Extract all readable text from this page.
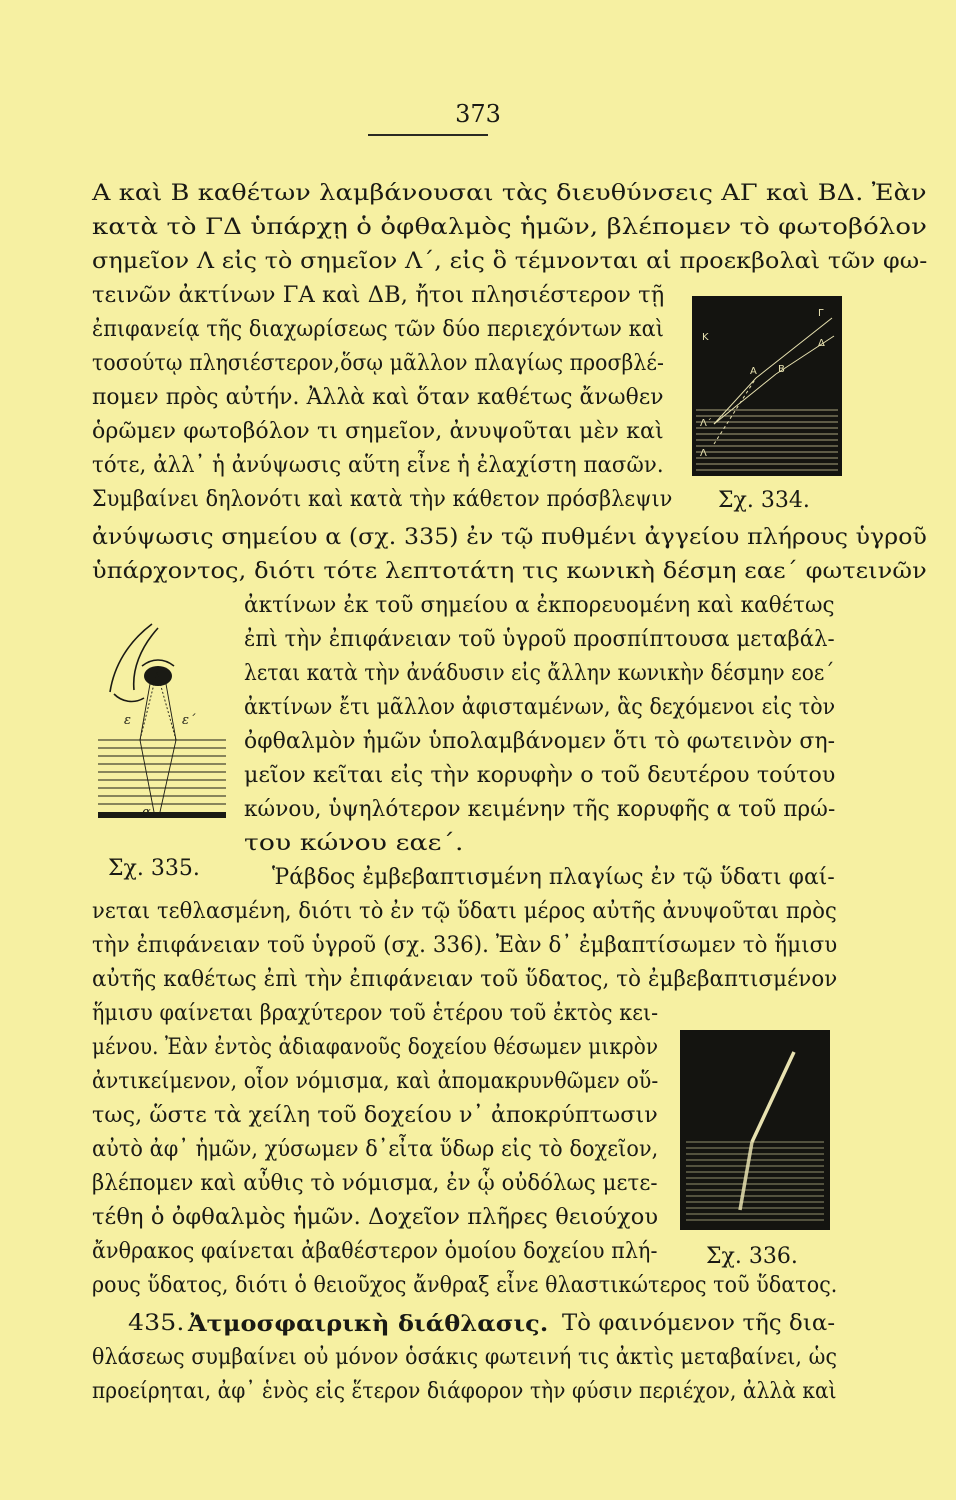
373
Α καὶ Β καθέτων λαμβάνουσαι τὰς διευθύνσεις ΑΓ καὶ ΒΔ. Ἐὰν
κατὰ τὸ ΓΔ ὑπάρχῃ ὁ ὀφθαλμὸς ἡμῶν, βλέπομεν τὸ φωτοβόλον
σημεῖον Λ εἰς τὸ σημεῖον Λ΄, εἰς ὃ τέμνονται αἱ προεκβολαὶ τῶν φω-
τεινῶν ἀκτίνων ΓΑ καὶ ΔΒ, ἤτοι πλησιέστερον τῇ
ἐπιφανείᾳ τῆς διαχωρίσεως τῶν δύο περιεχόντων καὶ
τοσούτῳ πλησιέστερον,ὅσῳ μᾶλλον πλαγίως προσβλέ-
πομεν πρὸς αὐτήν. Ἀλλὰ καὶ ὅταν καθέτως ἄνωθεν
ὁρῶμεν φωτοβόλον τι σημεῖον, ἀνυψοῦται μὲν καὶ
τότε, ἀλλ᾽ ἡ ἀνύψωσις αὕτη εἶνε ἡ ἐλαχίστη πασῶν.
Συμβαίνει δηλονότι καὶ κατὰ τὴν κάθετον πρόσβλεψιν
ἀνύψωσις σημείου α (σχ. 335) ἐν τῷ πυθμένι ἀγγείου πλήρους ὑγροῦ
ὑπάρχοντος, διότι τότε λεπτοτάτη τις κωνικὴ δέσμη εαε΄ φωτεινῶν
ἀκτίνων ἐκ τοῦ σημείου α ἐκπορευομένη καὶ καθέτως
ἐπὶ τὴν ἐπιφάνειαν τοῦ ὑγροῦ προσπίπτουσα μεταβάλ-
λεται κατὰ τὴν ἀνάδυσιν εἰς ἄλλην κωνικὴν δέσμην εοε΄
ἀκτίνων ἔτι μᾶλλον ἀφισταμένων, ἃς δεχόμενοι εἰς τὸν
ὀφθαλμὸν ἡμῶν ὑπολαμβάνομεν ὅτι τὸ φωτεινὸν ση-
μεῖον κεῖται εἰς τὴν κορυφὴν ο τοῦ δευτέρου τούτου
κώνου, ὑψηλότερον κειμένην τῆς κορυφῆς α τοῦ πρώ-
του κώνου εαε΄.
Ῥάβδος ἐμβεβαπτισμένη πλαγίως ἐν τῷ ὕδατι φαί-
νεται τεθλασμένη, διότι τὸ ἐν τῷ ὕδατι μέρος αὐτῆς ἀνυψοῦται πρὸς
τὴν ἐπιφάνειαν τοῦ ὑγροῦ (σχ. 336). Ἐὰν δ᾽ ἐμβαπτίσωμεν τὸ ἥμισυ
αὐτῆς καθέτως ἐπὶ τὴν ἐπιφάνειαν τοῦ ὕδατος, τὸ ἐμβεβαπτισμένον
ἥμισυ φαίνεται βραχύτερον τοῦ ἑτέρου τοῦ ἐκτὸς κει-
μένου. Ἐὰν ἐντὸς ἀδιαφανοῦς δοχείου θέσωμεν μικρὸν
ἀντικείμενον, οἷον νόμισμα, καὶ ἀπομακρυνθῶμεν οὕ-
τως, ὥστε τὰ χείλη τοῦ δοχείου ν᾽ ἀποκρύπτωσιν
αὐτὸ ἀφ᾽ ἡμῶν, χύσωμεν δ᾽εἶτα ὕδωρ εἰς τὸ δοχεῖον,
βλέπομεν καὶ αὖθις τὸ νόμισμα, ἐν ᾧ οὐδόλως μετε-
τέθη ὁ ὀφθαλμὸς ἡμῶν. Δοχεῖον πλῆρες θειούχου
ἄνθρακος φαίνεται ἀβαθέστερον ὁμοίου δοχείου πλή-
ρους ὕδατος, διότι ὁ θειοῦχος ἄνθραξ εἶνε θλαστικώτερος τοῦ ὕδατος.
435. Ἀτμοσφαιρικὴ διάθλασις. Τὸ φαινόμενον τῆς δια-
θλάσεως συμβαίνει οὐ μόνον ὁσάκις φωτεινή τις ἀκτὶς μεταβαίνει, ὡς
προείρηται, ἀφ᾽ ἑνὸς εἰς ἕτερον διάφορον τὴν φύσιν περιέχον, ἀλλὰ καὶ
Γ
Δ
Κ
Α Β
Λ΄
Λ
Σχ. 334.
ε	ε΄
α
Σχ. 335.
Σχ. 336.
